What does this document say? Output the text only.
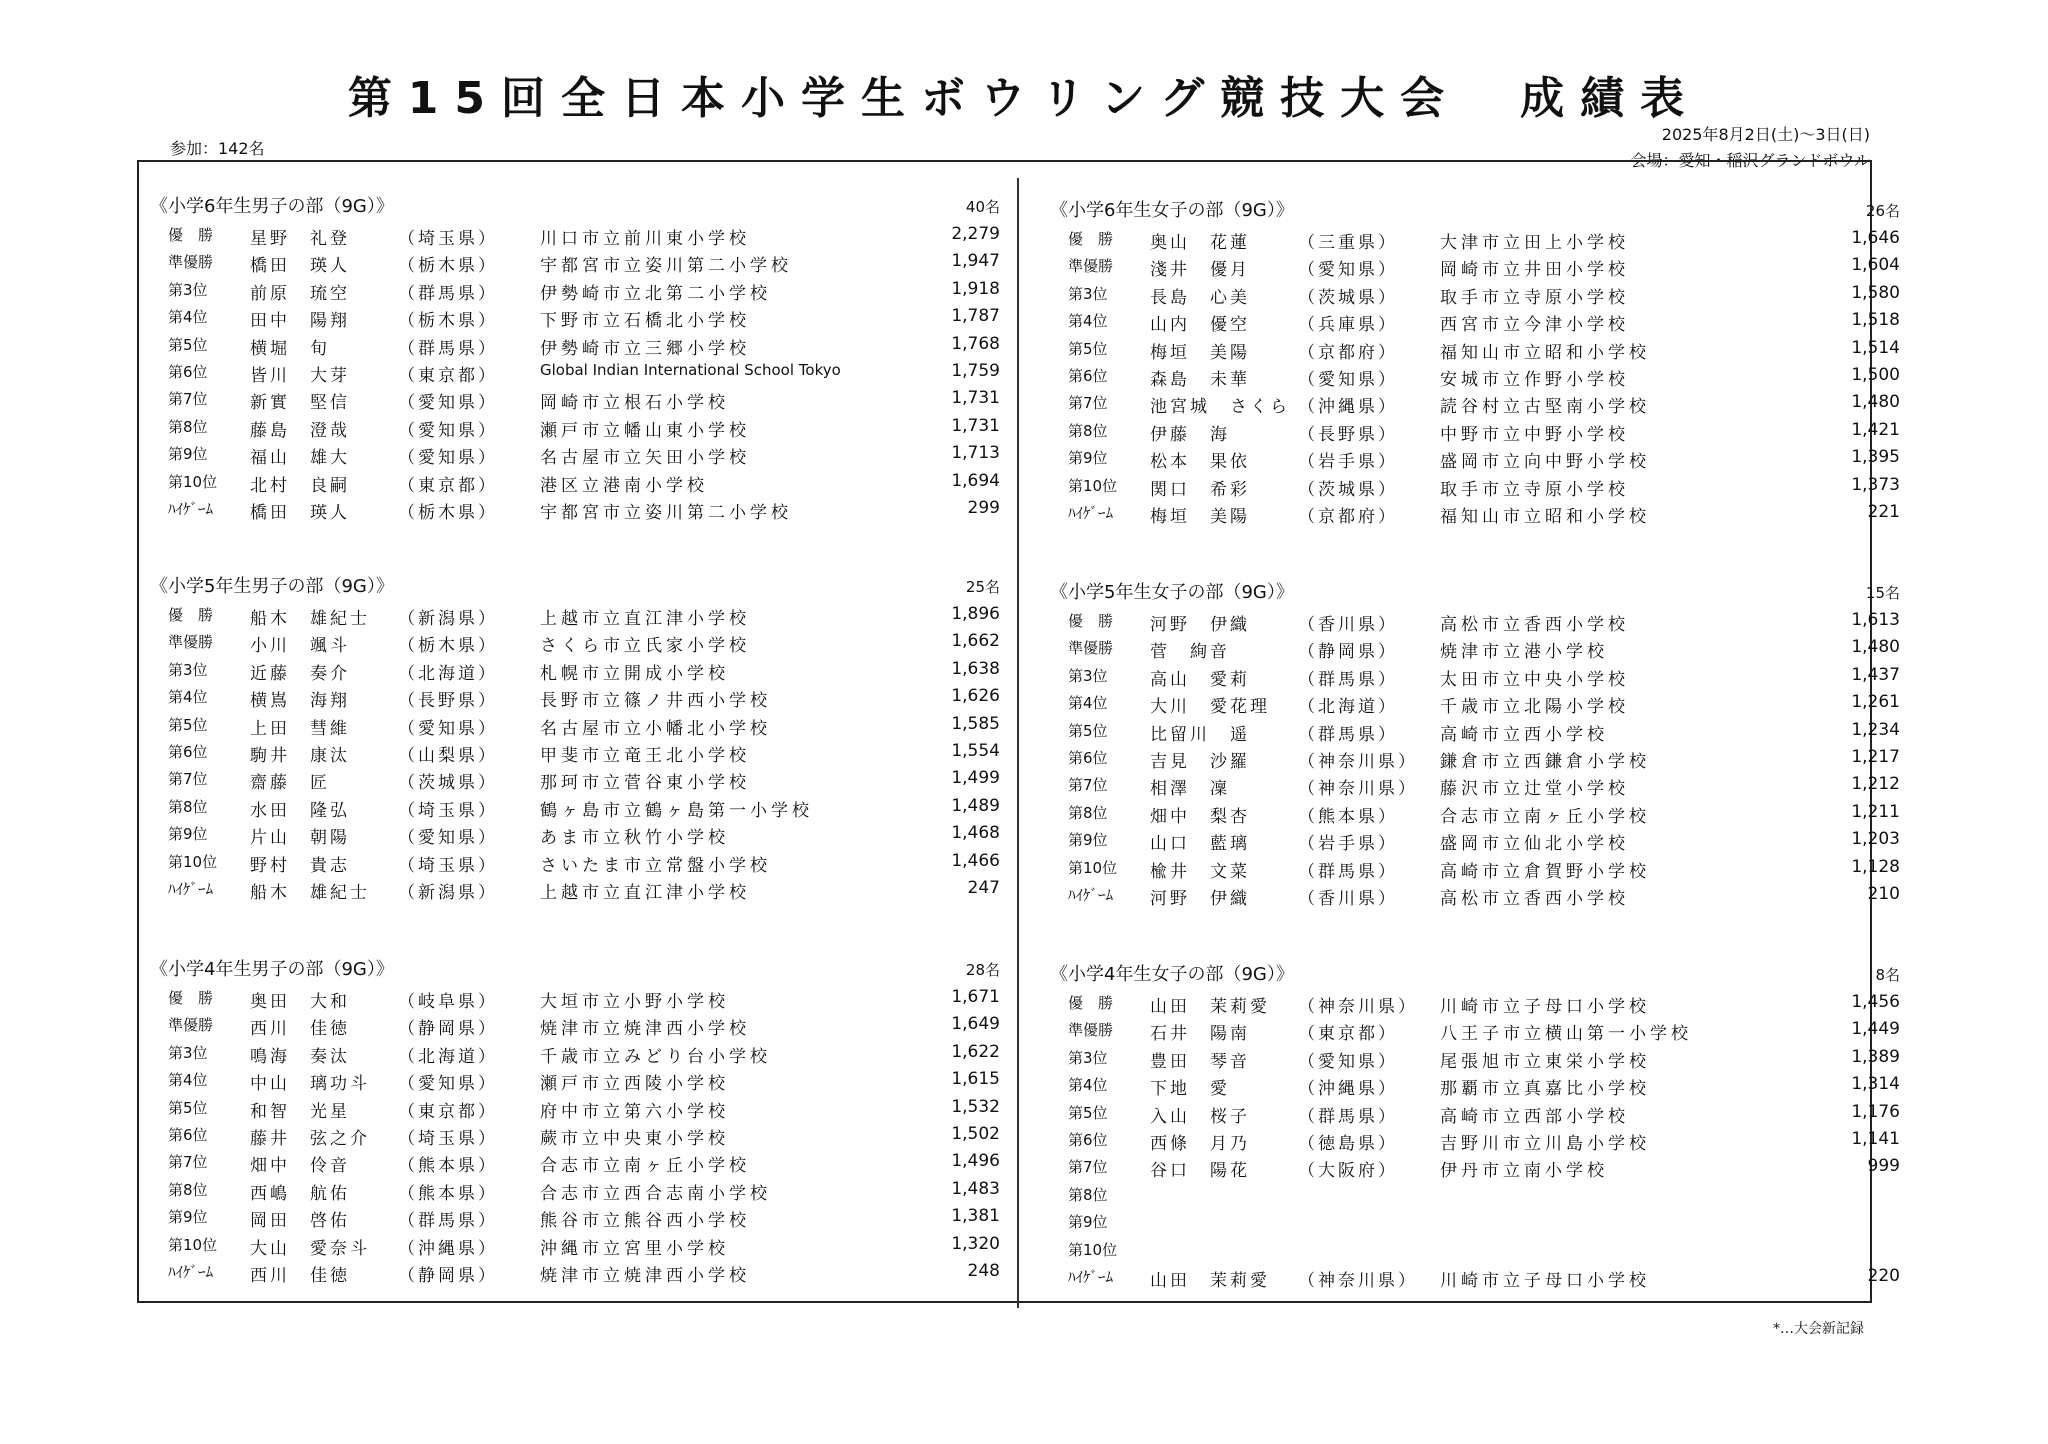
第15回全日本小学生ボウリング競技大会　成績表
参加：142名
2025年8月2日(土)～3日(日)
会場：愛知・稲沢グランドボウル
《小学6年生男子の部（9G）》	40名
優　勝	星野　礼登	（埼玉県）	川口市立前川東小学校	2,279
準優勝	橋田　瑛人	（栃木県）	宇都宮市立姿川第二小学校	1,947
第3位	前原　琉空	（群馬県）	伊勢崎市立北第二小学校	1,918
第4位	田中　陽翔	（栃木県）	下野市立石橋北小学校	1,787
第5位	横堀　旬	（群馬県）	伊勢崎市立三郷小学校	1,768
第6位	皆川　大芽	（東京都）	Global Indian International School Tokyo	1,759
第7位	新實　堅信	（愛知県）	岡崎市立根石小学校	1,731
第8位	藤島　澄哉	（愛知県）	瀬戸市立幡山東小学校	1,731
第9位	福山　雄大	（愛知県）	名古屋市立矢田小学校	1,713
第10位	北村　良嗣	（東京都）	港区立港南小学校	1,694
ﾊｲｹﾞｰﾑ	橋田　瑛人	（栃木県）	宇都宮市立姿川第二小学校	299
《小学5年生男子の部（9G）》	25名
優　勝	船木　雄紀士	（新潟県）	上越市立直江津小学校	1,896
準優勝	小川　颯斗	（栃木県）	さくら市立氏家小学校	1,662
第3位	近藤　奏介	（北海道）	札幌市立開成小学校	1,638
第4位	横嶌　海翔	（長野県）	長野市立篠ノ井西小学校	1,626
第5位	上田　彗維	（愛知県）	名古屋市立小幡北小学校	1,585
第6位	駒井　康汰	（山梨県）	甲斐市立竜王北小学校	1,554
第7位	齋藤　匠	（茨城県）	那珂市立菅谷東小学校	1,499
第8位	水田　隆弘	（埼玉県）	鶴ヶ島市立鶴ヶ島第一小学校	1,489
第9位	片山　朝陽	（愛知県）	あま市立秋竹小学校	1,468
第10位	野村　貴志	（埼玉県）	さいたま市立常盤小学校	1,466
ﾊｲｹﾞｰﾑ	船木　雄紀士	（新潟県）	上越市立直江津小学校	247
《小学4年生男子の部（9G）》	28名
優　勝	奥田　大和	（岐阜県）	大垣市立小野小学校	1,671
準優勝	西川　佳徳	（静岡県）	焼津市立焼津西小学校	1,649
第3位	鳴海　奏汰	（北海道）	千歳市立みどり台小学校	1,622
第4位	中山　璃功斗	（愛知県）	瀬戸市立西陵小学校	1,615
第5位	和智　光星	（東京都）	府中市立第六小学校	1,532
第6位	藤井　弦之介	（埼玉県）	蕨市立中央東小学校	1,502
第7位	畑中　伶音	（熊本県）	合志市立南ヶ丘小学校	1,496
第8位	西嶋　航佑	（熊本県）	合志市立西合志南小学校	1,483
第9位	岡田　啓佑	（群馬県）	熊谷市立熊谷西小学校	1,381
第10位	大山　愛奈斗	（沖縄県）	沖縄市立宮里小学校	1,320
ﾊｲｹﾞｰﾑ	西川　佳徳	（静岡県）	焼津市立焼津西小学校	248
《小学6年生女子の部（9G）》	26名
優　勝	奥山　花蓮	（三重県）	大津市立田上小学校	1,646
準優勝	淺井　優月	（愛知県）	岡崎市立井田小学校	1,604
第3位	長島　心美	（茨城県）	取手市立寺原小学校	1,580
第4位	山内　優空	（兵庫県）	西宮市立今津小学校	1,518
第5位	梅垣　美陽	（京都府）	福知山市立昭和小学校	1,514
第6位	森島　未華	（愛知県）	安城市立作野小学校	1,500
第7位	池宮城　さくら （沖縄県）	読谷村立古堅南小学校	1,480
第8位	伊藤　海	（長野県）	中野市立中野小学校	1,421
第9位	松本　果依	（岩手県）	盛岡市立向中野小学校	1,395
第10位	関口　希彩	（茨城県）	取手市立寺原小学校	1,373
ﾊｲｹﾞｰﾑ	梅垣　美陽	（京都府）	福知山市立昭和小学校	221
《小学5年生女子の部（9G）》	15名
優　勝	河野　伊織	（香川県）	高松市立香西小学校	1,613
準優勝	菅　絢音	（静岡県）	焼津市立港小学校	1,480
第3位	高山　愛莉	（群馬県）	太田市立中央小学校	1,437
第4位	大川　愛花理	（北海道）	千歳市立北陽小学校	1,261
第5位	比留川　遥	（群馬県）	高崎市立西小学校	1,234
第6位	吉見　沙羅	（神奈川県）	鎌倉市立西鎌倉小学校	1,217
第7位	相澤　凜	（神奈川県）	藤沢市立辻堂小学校	1,212
第8位	畑中　梨杏	（熊本県）	合志市立南ヶ丘小学校	1,211
第9位	山口　藍璃	（岩手県）	盛岡市立仙北小学校	1,203
第10位	楡井　文菜	（群馬県）	高崎市立倉賀野小学校	1,128
ﾊｲｹﾞｰﾑ	河野　伊織	（香川県）	高松市立香西小学校	210
《小学4年生女子の部（9G）》	8名
優　勝	山田　茉莉愛	（神奈川県）	川崎市立子母口小学校	1,456
準優勝	石井　陽南	（東京都）	八王子市立横山第一小学校	1,449
第3位	豊田　琴音	（愛知県）	尾張旭市立東栄小学校	1,389
第4位	下地　愛	（沖縄県）	那覇市立真嘉比小学校	1,314
第5位	入山　桜子	（群馬県）	高崎市立西部小学校	1,176
第6位	西條　月乃	（徳島県）	吉野川市立川島小学校	1,141
第7位	谷口　陽花	（大阪府）	伊丹市立南小学校	999
第8位
第9位
第10位
ﾊｲｹﾞｰﾑ	山田　茉莉愛	（神奈川県）	川崎市立子母口小学校	220
*…大会新記録
